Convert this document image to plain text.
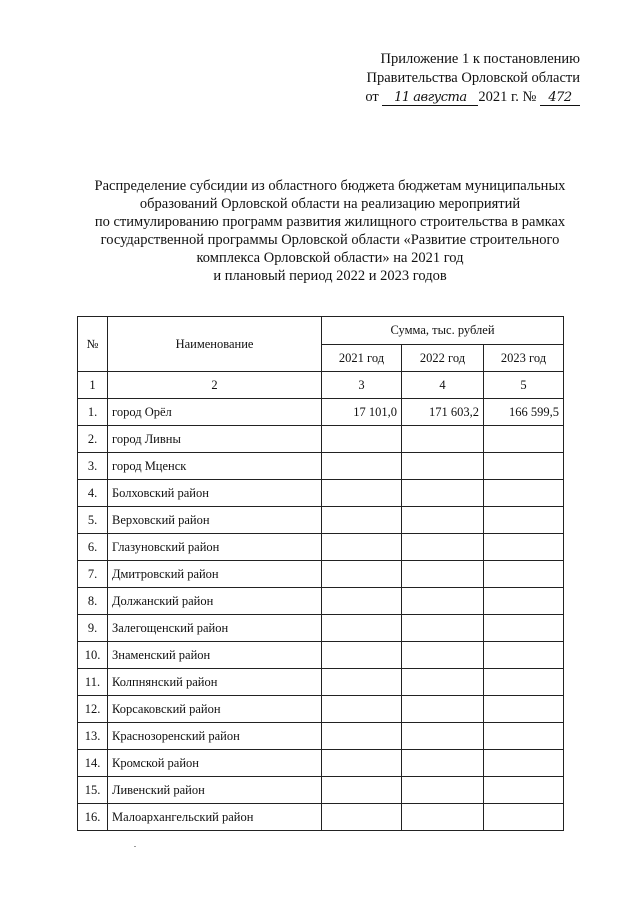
Приложение 1 к постановлению
Правительства Орловской области
от 11 августа 2021 г. № 472
Распределение субсидии из областного бюджета бюджетам муниципальных
образований Орловской области на реализацию мероприятий
по стимулированию программ развития жилищного строительства в рамках
государственной программы Орловской области «Развитие строительного
комплекса Орловской области» на 2021 год
и плановый период 2022 и 2023 годов
№	Наименование	Сумма, тыс. рублей		
		2021 год	2022 год	2023 год
1	2	3	4	5
1.	город Орёл	17 101,0	171 603,2	166 599,5
2.	город Ливны			
3.	город Мценск			
4.	Болховский район			
5.	Верховский район			
6.	Глазуновский район			
7.	Дмитровский район			
8.	Должанский район			
9.	Залегощенский район			
10.	Знаменский район			
11.	Колпнянский район			
12.	Корсаковский район			
13.	Краснозоренский район			
14.	Кромской район			
15.	Ливенский район			
16.	Малоархангельский район			
